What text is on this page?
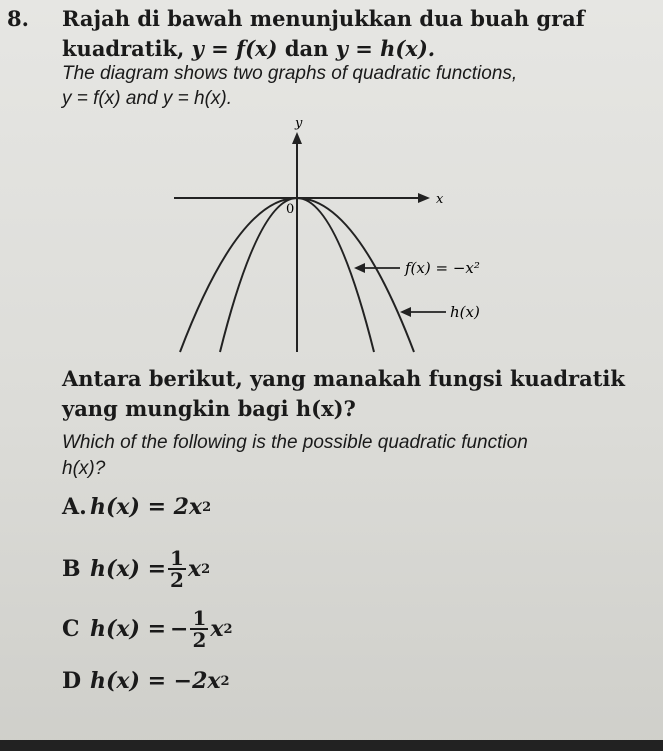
8. Rajah di bawah menunjukkan dua buah graf
kuadratik, y = f(x) dan y = h(x).
The diagram shows two graphs of quadratic functions,
y = f(x) and y = h(x).
y
x
0
f(x) = −x²
h(x)
Antara berikut, yang manakah fungsi kuadratik
yang mungkin bagi h(x)?
Which of the following is the possible quadratic function
h(x)?
A. h(x) = 2x 2
B $h(x) = \frac{1}{2}$ x 2
C h(x) = − $\frac{1}{2}$ x 2
D h(x) = −2x 2
